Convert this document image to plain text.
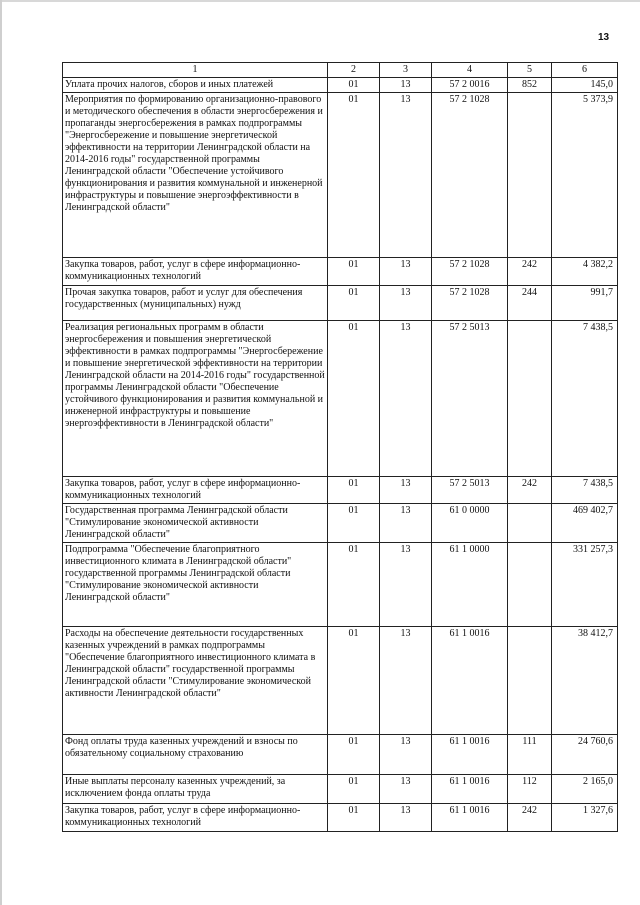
13
1	2	3	4	5	6
Уплата прочих налогов, сборов и иных платежей	01	13	57 2 0016	852	145,0
Мероприятия по формированию организационно-правового и методического обеспечения в области энергосбережения и пропаганды энергосбережения в рамках подпрограммы "Энергосбережение и повышение энергетической эффективности на территории Ленинградской области на 2014-2016 годы" государственной программы Ленинградской области "Обеспечение устойчивого функционирования и развития коммунальной и инженерной инфраструктуры и повышение энергоэффективности в Ленинградской области"	01	13	57 2 1028		5 373,9
Закупка товаров, работ, услуг в сфере информационно-коммуникационных технологий	01	13	57 2 1028	242	4 382,2
Прочая закупка товаров, работ и услуг для обеспечения государственных (муниципальных) нужд	01	13	57 2 1028	244	991,7
Реализация региональных программ в области энергосбережения и повышения энергетической эффективности в рамках подпрограммы "Энергосбережение и повышение энергетической эффективности на территории Ленинградской области на 2014-2016 годы" государственной программы Ленинградской области "Обеспечение устойчивого функционирования и развития коммунальной и инженерной инфраструктуры и повышение энергоэффективности в Ленинградской области"	01	13	57 2 5013		7 438,5
Закупка товаров, работ, услуг в сфере информационно-коммуникационных технологий	01	13	57 2 5013	242	7 438,5
Государственная программа Ленинградской области "Стимулирование экономической активности Ленинградской области"	01	13	61 0 0000		469 402,7
Подпрограмма "Обеспечение благоприятного инвестиционного климата в Ленинградской области" государственной программы Ленинградской области "Стимулирование экономической активности Ленинградской области"	01	13	61 1 0000		331 257,3
Расходы на обеспечение деятельности государственных казенных учреждений в рамках подпрограммы "Обеспечение благоприятного инвестиционного климата в Ленинградской области" государственной программы Ленинградской области "Стимулирование экономической активности Ленинградской области"	01	13	61 1 0016		38 412,7
Фонд оплаты труда казенных учреждений и взносы по обязательному социальному страхованию	01	13	61 1 0016	111	24 760,6
Иные выплаты персоналу казенных учреждений, за исключением фонда оплаты труда	01	13	61 1 0016	112	2 165,0
Закупка товаров, работ, услуг в сфере информационно-коммуникационных технологий	01	13	61 1 0016	242	1 327,6
